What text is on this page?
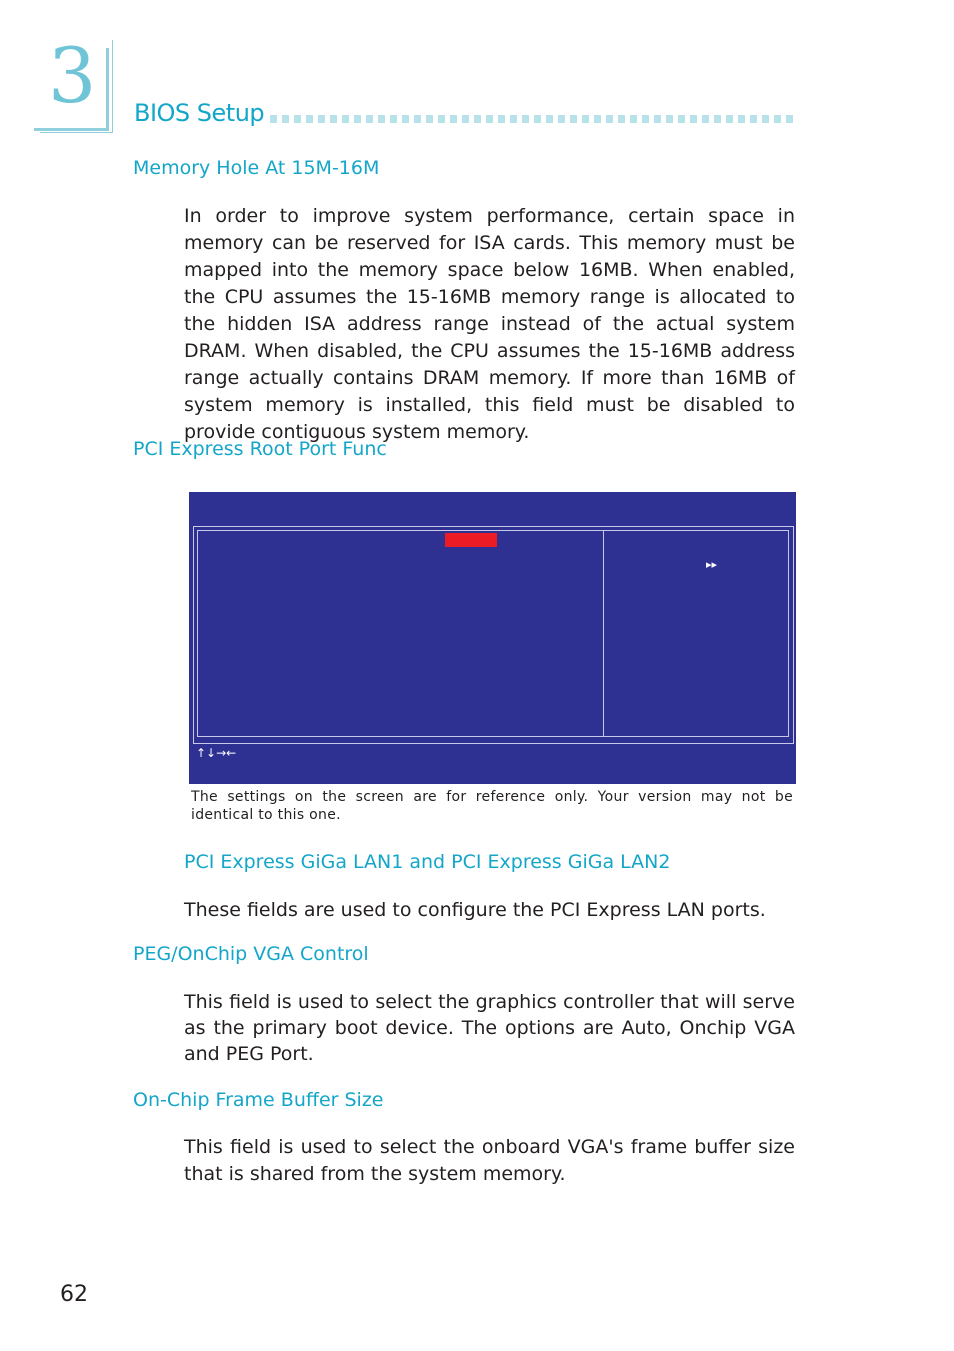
3 BIOS Setup
Memory Hole At 15M-16M
In order to improve system performance, certain space in memory can be reserved for ISA cards. This memory must be mapped into the memory space below 16MB. When enabled, the CPU assumes the 15-16MB memory range is allocated to the hidden ISA address range instead of the actual system DRAM. When disabled, the CPU assumes the 15-16MB address range actually contains DRAM memory. If more than 16MB of system memory is installed, this field must be disabled to provide contiguous system memory.
PCI Express Root Port Func
▸▸
↑↓→←
The settings on the screen are for reference only. Your version may not be identical to this one.
PCI Express GiGa LAN1 and PCI Express GiGa LAN2
These fields are used to configure the PCI Express LAN ports.
PEG/OnChip VGA Control
This field is used to select the graphics controller that will serve as the primary boot device. The options are Auto, Onchip VGA and PEG Port.
On-Chip Frame Buffer Size
This field is used to select the onboard VGA's frame buffer size that is shared from the system memory.
62
